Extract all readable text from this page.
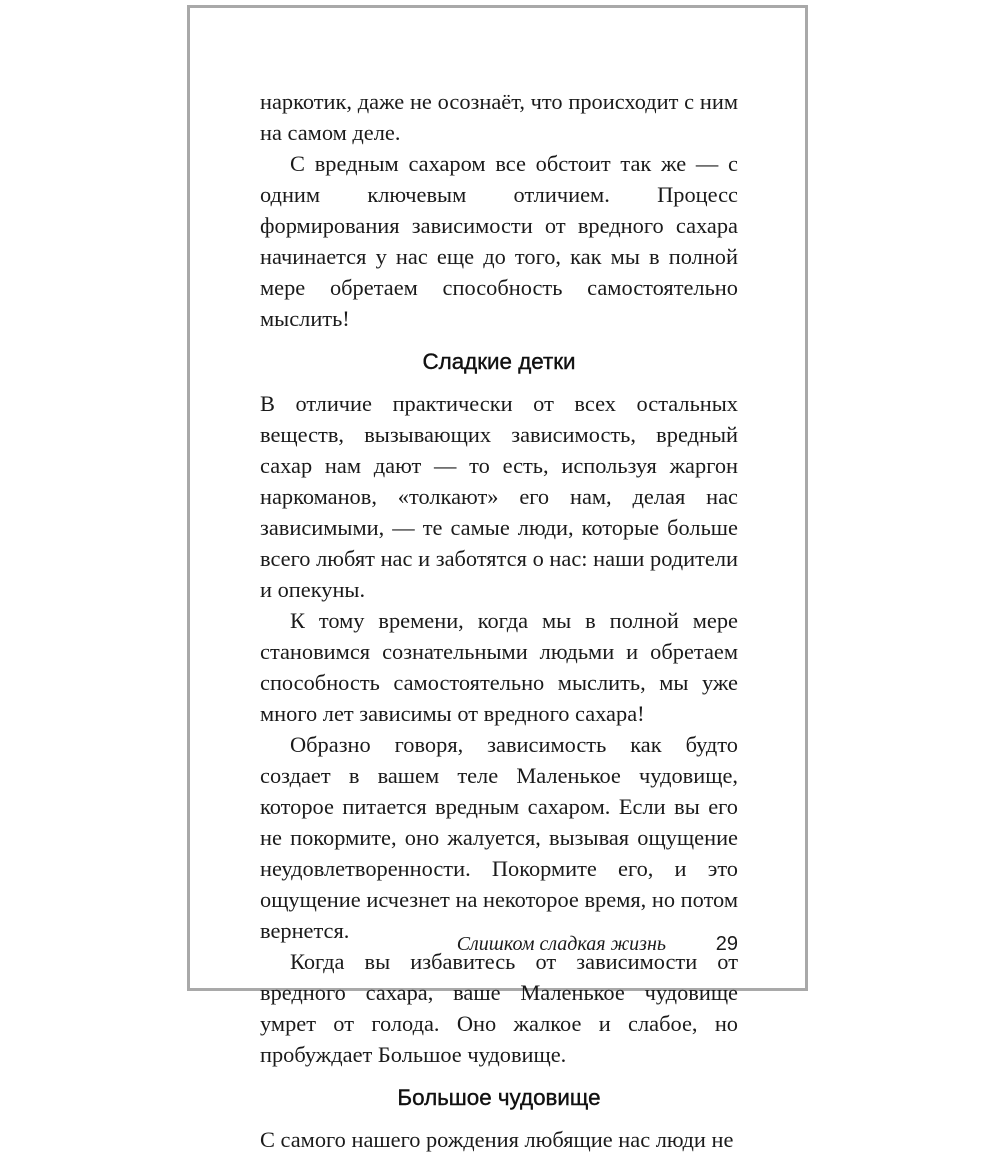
наркотик, даже не осознаёт, что происходит с ним на самом деле.

С вредным сахаром все обстоит так же — с одним ключевым отличием. Процесс формирования зависимости от вредного сахара начинается у нас еще до того, как мы в полной мере обретаем способность самостоятельно мыслить!

Сладкие детки

В отличие практически от всех остальных веществ, вызывающих зависимость, вредный сахар нам дают — то есть, используя жаргон наркоманов, «толкают» его нам, делая нас зависимыми, — те самые люди, которые больше всего любят нас и заботятся о нас: наши родители и опекуны.

К тому времени, когда мы в полной мере становимся сознательными людьми и обретаем способность самостоятельно мыслить, мы уже много лет зависимы от вредного сахара!

Образно говоря, зависимость как будто создает в вашем теле Маленькое чудовище, которое питается вредным сахаром. Если вы его не покормите, оно жалуется, вызывая ощущение неудовлетворенности. Покормите его, и это ощущение исчезнет на некоторое время, но потом вернется.

Когда вы избавитесь от зависимости от вредного сахара, ваше Маленькое чудовище умрет от голода. Оно жалкое и слабое, но пробуждает Большое чудовище.

Большое чудовище

С самого нашего рождения любящие нас люди не

Слишком сладкая жизнь 29
